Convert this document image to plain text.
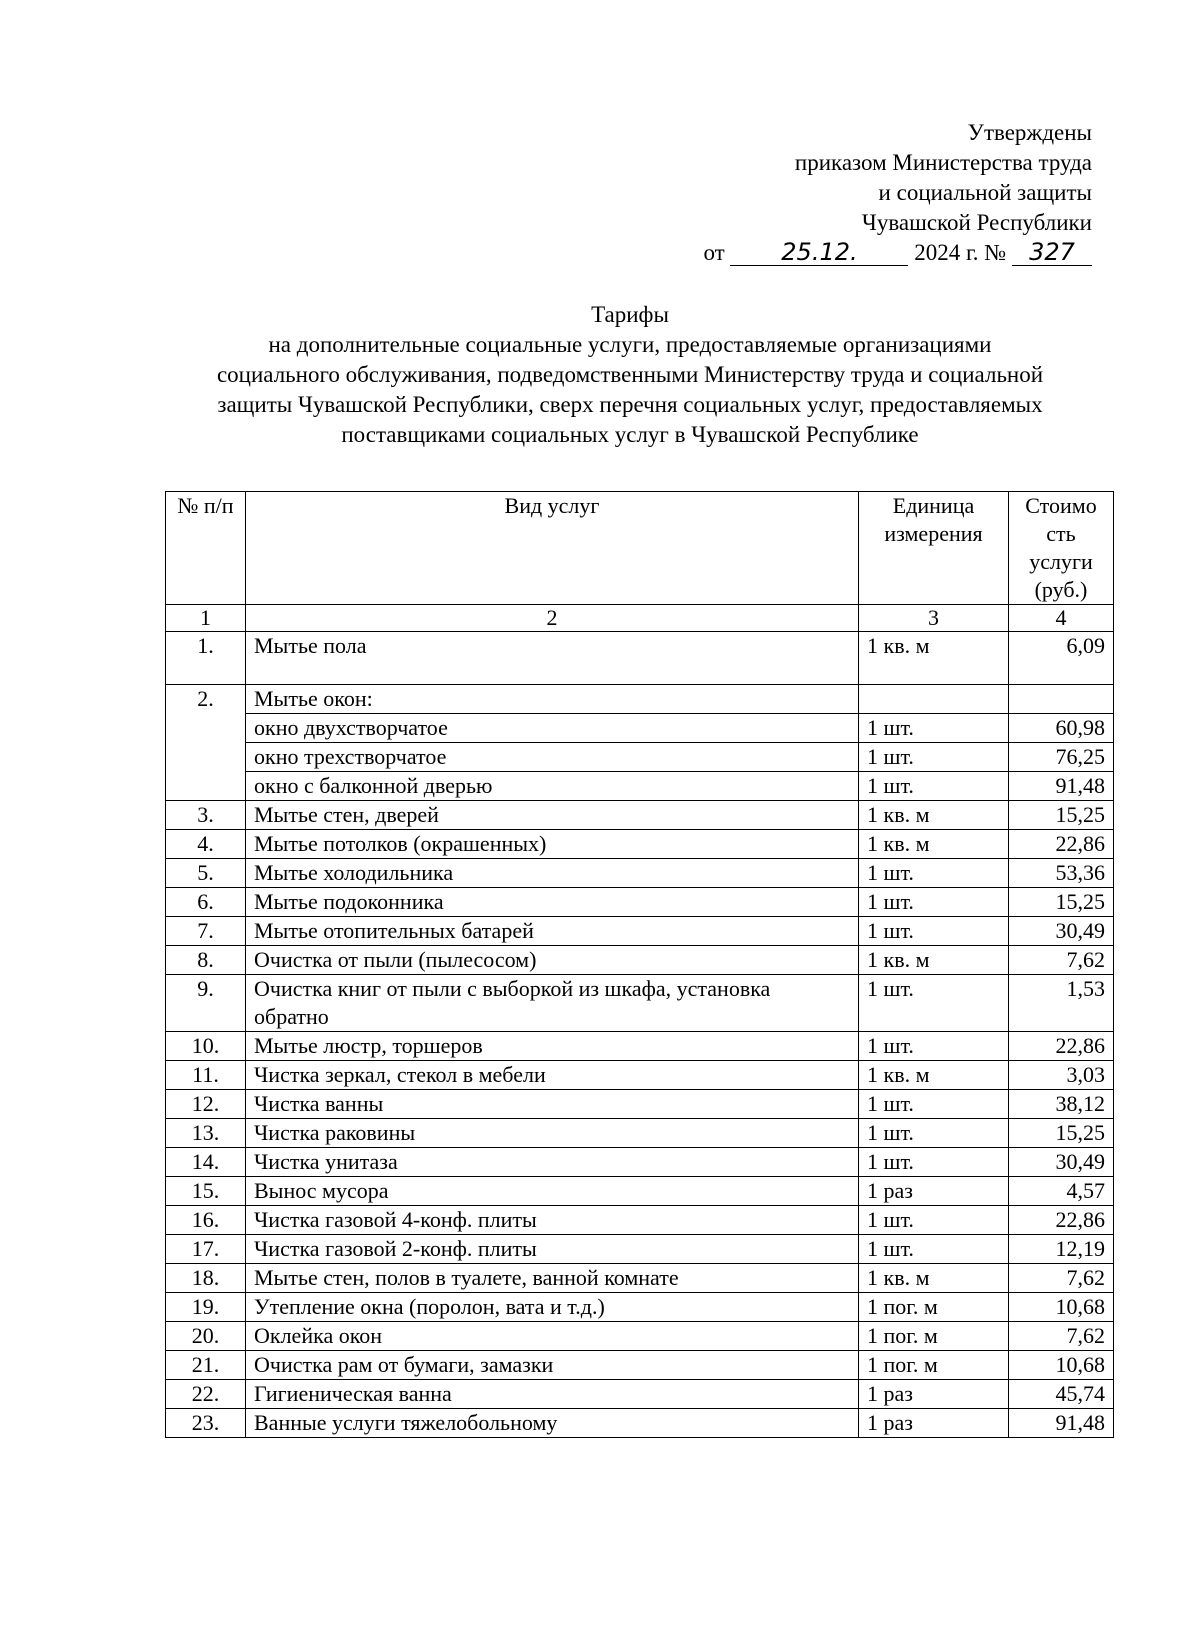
Утверждены
приказом Министерства труда
и социальной защиты
Чувашской Республики
от 25.12. 2024 г. № 327
Тарифы
на дополнительные социальные услуги, предоставляемые организациями
социального обслуживания, подведомственными Министерству труда и социальной
защиты Чувашской Республики, сверх перечня социальных услуг, предоставляемых
поставщиками социальных услуг в Чувашской Республике
№ п/п	Вид услуг	Единица измерения	Стоимо сть услуги (руб.)
1	2	3	4
1.	Мытье пола	1 кв. м	6,09
2.	Мытье окон:		
	окно двухстворчатое	1 шт.	60,98
	окно трехстворчатое	1 шт.	76,25
	окно с балконной дверью	1 шт.	91,48
3.	Мытье стен, дверей	1 кв. м	15,25
4.	Мытье потолков (окрашенных)	1 кв. м	22,86
5.	Мытье холодильника	1 шт.	53,36
6.	Мытье подоконника	1 шт.	15,25
7.	Мытье отопительных батарей	1 шт.	30,49
8.	Очистка от пыли (пылесосом)	1 кв. м	7,62
9.	Очистка книг от пыли с выборкой из шкафа, установка обратно	1 шт.	1,53
10.	Мытье люстр, торшеров	1 шт.	22,86
11.	Чистка зеркал, стекол в мебели	1 кв. м	3,03
12.	Чистка ванны	1 шт.	38,12
13.	Чистка раковины	1 шт.	15,25
14.	Чистка унитаза	1 шт.	30,49
15.	Вынос мусора	1 раз	4,57
16.	Чистка газовой 4-конф. плиты	1 шт.	22,86
17.	Чистка газовой 2-конф. плиты	1 шт.	12,19
18.	Мытье стен, полов в туалете, ванной комнате	1 кв. м	7,62
19.	Утепление окна (поролон, вата и т.д.)	1 пог. м	10,68
20.	Оклейка окон	1 пог. м	7,62
21.	Очистка рам от бумаги, замазки	1 пог. м	10,68
22.	Гигиеническая ванна	1 раз	45,74
23.	Ванные услуги тяжелобольному	1 раз	91,48
